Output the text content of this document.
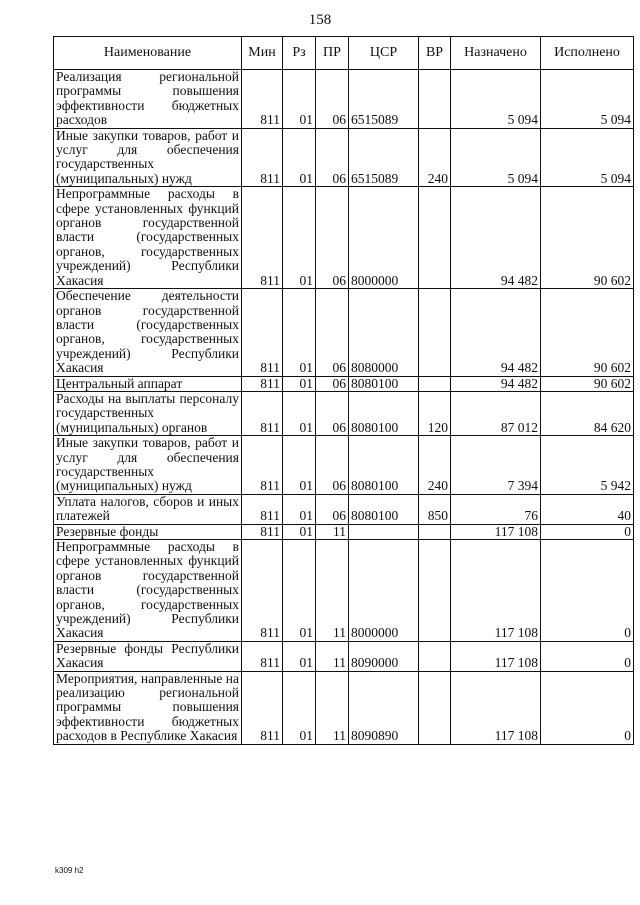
158
Наименование	Мин	Рз	ПР	ЦСР	ВР	Назначено	Исполнено
Реализация региональной программы повышения эффективности бюджетных расходов	811	01	06	6515089		5 094	5 094
Иные закупки товаров, работ и услуг для обеспечения государственных (муниципальных) нужд	811	01	06	6515089	240	5 094	5 094
Непрограммные расходы в сфере установленных функций органов государственной власти (государственных органов, государственных учреждений) Республики Хакасия	811	01	06	8000000		94 482	90 602
Обеспечение деятельности органов государственной власти (государственных органов, государственных учреждений) Республики Хакасия	811	01	06	8080000		94 482	90 602
Центральный аппарат	811	01	06	8080100		94 482	90 602
Расходы на выплаты персоналу государственных (муниципальных) органов	811	01	06	8080100	120	87 012	84 620
Иные закупки товаров, работ и услуг для обеспечения государственных (муниципальных) нужд	811	01	06	8080100	240	7 394	5 942
Уплата налогов, сборов и иных платежей	811	01	06	8080100	850	76	40
Резервные фонды	811	01	11			117 108	0
Непрограммные расходы в сфере установленных функций органов государственной власти (государственных органов, государственных учреждений) Республики Хакасия	811	01	11	8000000		117 108	0
Резервные фонды Республики Хакасия	811	01	11	8090000		117 108	0
Мероприятия, направленные на реализацию региональной программы повышения эффективности бюджетных расходов в Республике Хакасия	811	01	11	8090890		117 108	0
k309 h2
